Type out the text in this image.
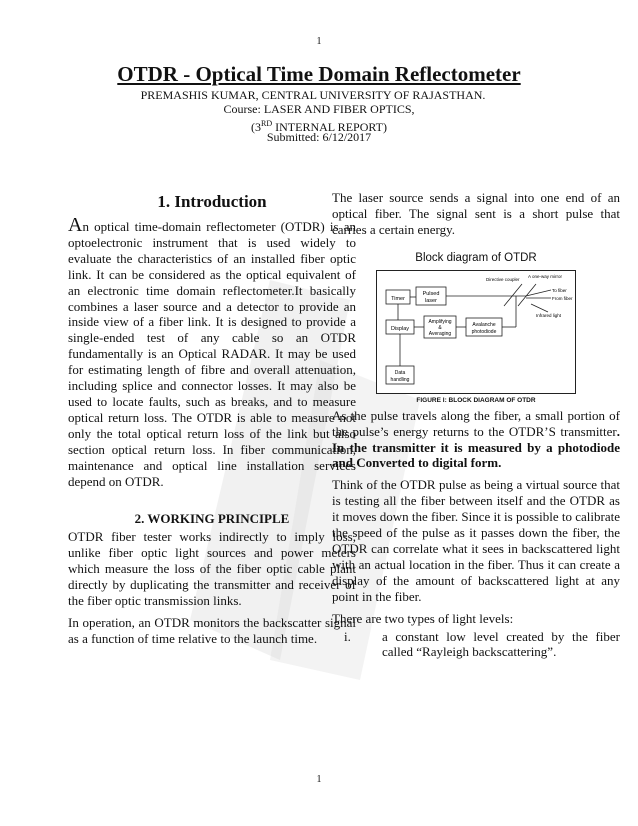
1
OTDR - Optical Time Domain Reflectometer
PREMASHIS KUMAR, CENTRAL UNIVERSITY OF RAJASTHAN.
Course: LASER AND FIBER OPTICS,
(3RD INTERNAL REPORT)
Submitted: 6/12/2017
1. Introduction
An optical time-domain reflectometer (OTDR) is an optoelectronic instrument that is used widely to evaluate the characteristics of an installed fiber optic link. It can be considered as the optical equivalent of an electronic time domain reflectometer.It basically combines a laser source and a detector to provide an inside view of a fiber link. It is designed to provide a single-ended test of any cable so an OTDR fundamentally is an Optical RADAR. It may be used for estimating length of fibre and overall attenuation, including splice and connector losses. It may also be used to locate faults, such as breaks, and to measure optical return loss. The OTDR is able to measure not only the total optical return loss of the link but also section optical return loss. In fiber communication, maintenance and optical line installation services depend on OTDR.
2. WORKING PRINCIPLE
OTDR fiber tester works indirectly to imply loss, unlike fiber optic light sources and power meters which measure the loss of the fiber optic cable plant directly by duplicating the transmitter and receiver of the fiber optic transmission links.
In operation, an OTDR monitors the backscatter signal as a function of time relative to the launch time.
The laser source sends a signal into one end of an optical fiber. The signal sent is a short pulse that carries a certain energy.
Block diagram of OTDR
Timer
Pulsed
laser
Display
Amplifying
&
Averaging
Avalanche
photodiode
Data
handling
Directive coupler
A one-way mirror
To fiber
From fiber
Infrared light
FIGURE I: BLOCK DIAGRAM OF OTDR
As the pulse travels along the fiber, a small portion of the pulse’s energy returns to the OTDR’S transmitter. In the transmitter it is measured by a photodiode and Converted to digital form.
Think of the OTDR pulse as being a virtual source that is testing all the fiber between itself and the OTDR as it moves down the fiber. Since it is possible to calibrate the speed of the pulse as it passes down the fiber, the OTDR can correlate what it sees in backscattered light with an actual location in the fiber. Thus it can create a display of the amount of backscattered light at any point in the fiber.
There are two types of light levels:
i.	a constant low level created by the fiber called “Rayleigh backscattering”.
1
